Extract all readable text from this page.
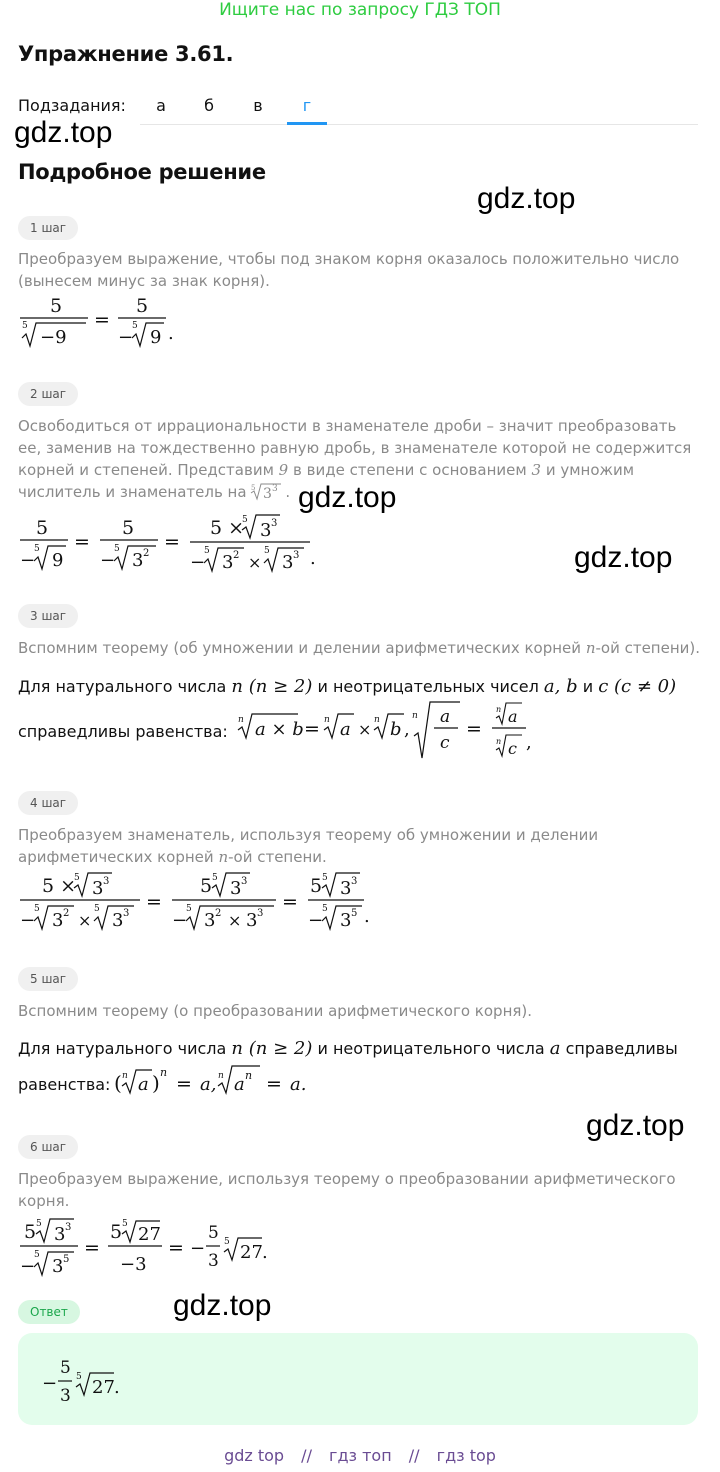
Ищите нас по запросу ГДЗ ТОП
Упражнение 3.61.
Подзадания:	а	б	в	г
gdz.top
gdz.top
gdz.top
gdz.top
gdz.top
gdz.top
Подробное решение
1 шаг
Преобразуем выражение, чтобы под знаком корня оказалось положительно число (вынесем минус за знак корня).
5
5
−9
=
5
−
5
9 .
2 шаг
Освободиться от иррациональности в знаменателе дроби – значит преобразовать ее, заменив на тождественно равную дробь, в знаменателе которой не содержится корней и степеней. Представим 9 в виде степени с основанием 3 и умножим числитель и знаменатель на 5 3 3 .
5
−
5
9
=
5
−
5
3 2
=
5 ×
5 3 3
−
5
3 2 ×
5
3 3 .
3 шаг
Вспомним теорему (об умножении и делении арифметических корней n-ой степени).
Для натурального числа n (n ≥ 2) и неотрицательных чисел a, b и c (c ≠ 0)
справедливы равенства:
n a × b = n a × n b ,
n a
c
=
n a
n c ,
4 шаг
Преобразуем знаменатель, используя теорему об умножении и делении арифметических корней n-ой степени.
5 ×
5 3 3
−
5
3 2 ×
5
3 3
=
5 5 3 3
−
5
3 2 × 3 3
=
5 5 3 3
−
5
3 5 .
5 шаг
Вспомним теорему (о преобразовании арифметического корня).
Для натурального числа n (n ≥ 2) и неотрицательного числа a справедливы
равенства: ( n a ) n
= a, n a n = a.
6 шаг
Преобразуем выражение, используя теорему о преобразовании арифметического корня.
5 5 3 3
−
5
3 5
=
5 5 27
−3
= −
5
3
5 27 .
Ответ
−
5
3
5 27 .
gdz top // гдз топ // гдз top
